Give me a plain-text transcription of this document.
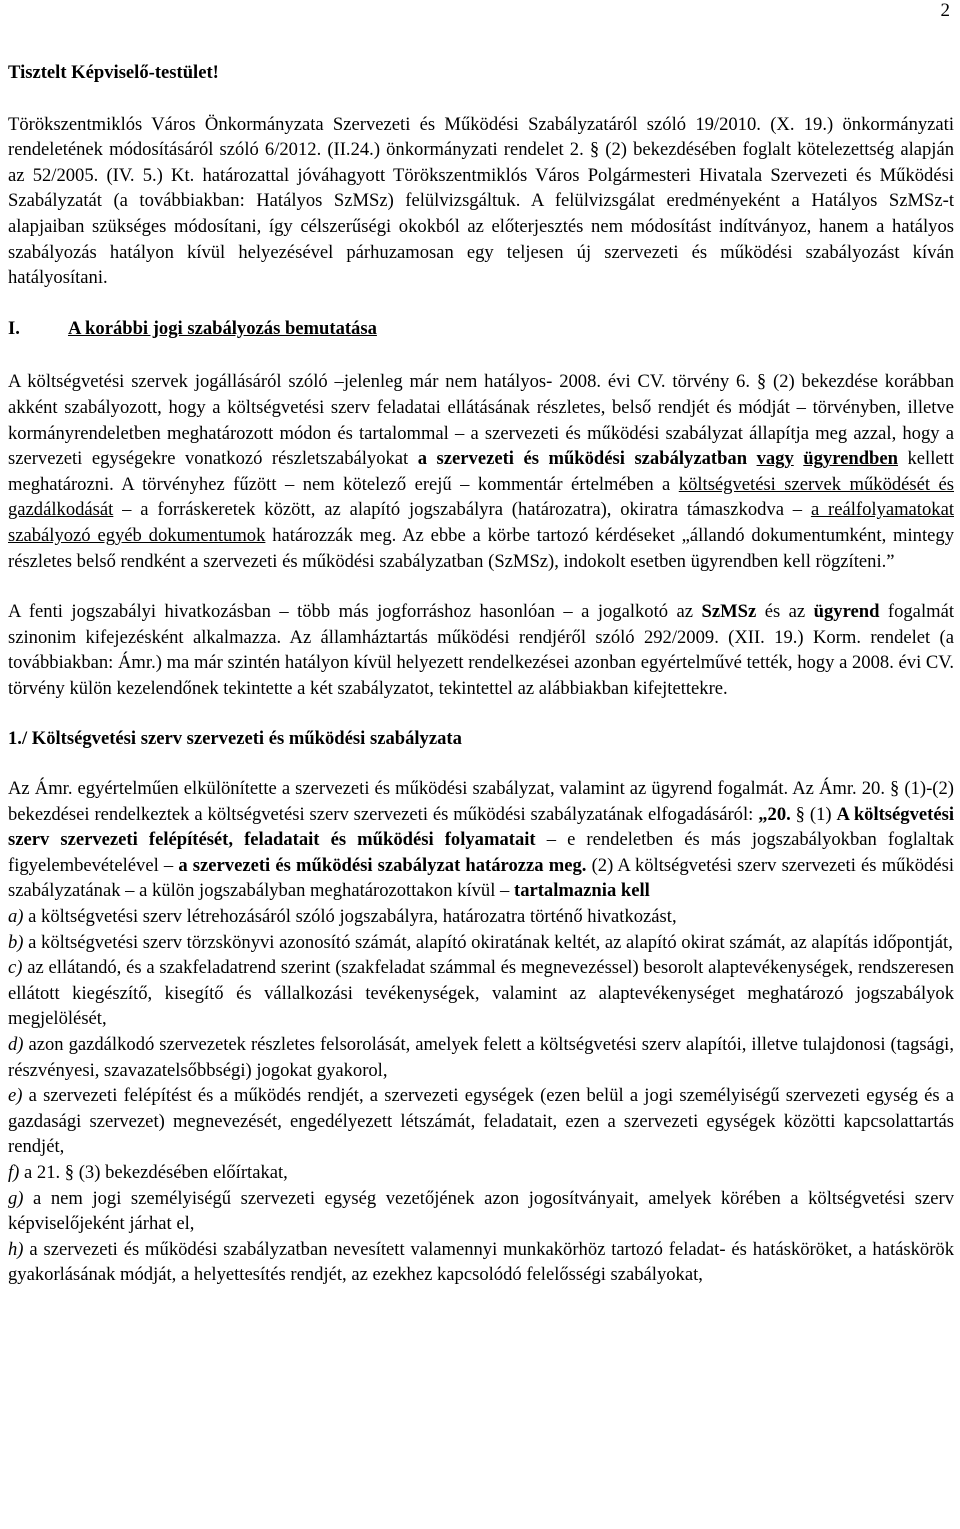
2

Tisztelt Képviselő-testület!

Törökszentmiklós Város Önkormányzata Szervezeti és Működési Szabályzatáról szóló 19/2010. (X. 19.) önkormányzati rendeletének módosításáról szóló 6/2012. (II.24.) önkormányzati rendelet 2. § (2) bekezdésében foglalt kötelezettség alapján az 52/2005. (IV. 5.) Kt. határozattal jóváhagyott Törökszentmiklós Város Polgármesteri Hivatala Szervezeti és Működési Szabályzatát (a továbbiakban: Hatályos SzMSz) felülvizsgáltuk. A felülvizsgálat eredményeként a Hatályos SzMSz-t alapjaiban szükséges módosítani, így célszerűségi okokból az előterjesztés nem módosítást indítványoz, hanem a hatályos szabályozás hatályon kívül helyezésével párhuzamosan egy teljesen új szervezeti és működési szabályozást kíván hatályosítani.

I.	A korábbi jogi szabályozás bemutatása

A költségvetési szervek jogállásáról szóló –jelenleg már nem hatályos- 2008. évi CV. törvény 6. § (2) bekezdése korábban akként szabályozott, hogy a költségvetési szerv feladatai ellátásának részletes, belső rendjét és módját – törvényben, illetve kormányrendeletben meghatározott módon és tartalommal – a szervezeti és működési szabályzat állapítja meg azzal, hogy a szervezeti egységekre vonatkozó részletszabályokat a szervezeti és működési szabályzatban vagy ügyrendben kellett meghatározni. A törvényhez fűzött – nem kötelező erejű – kommentár értelmében a költségvetési szervek működését és gazdálkodását – a forráskeretek között, az alapító jogszabályra (határozatra), okiratra támaszkodva – a reálfolyamatokat szabályozó egyéb dokumentumok határozzák meg. Az ebbe a körbe tartozó kérdéseket „állandó dokumentumként, mintegy részletes belső rendként a szervezeti és működési szabályzatban (SzMSz), indokolt esetben ügyrendben kell rögzíteni.”

A fenti jogszabályi hivatkozásban – több más jogforráshoz hasonlóan – a jogalkotó az SzMSz és az ügyrend fogalmát szinonim kifejezésként alkalmazza. Az államháztartás működési rendjéről szóló 292/2009. (XII. 19.) Korm. rendelet (a továbbiakban: Ámr.) ma már szintén hatályon kívül helyezett rendelkezései azonban egyértelművé tették, hogy a 2008. évi CV. törvény külön kezelendőnek tekintette a két szabályzatot, tekintettel az alábbiakban kifejtettekre.

1./ Költségvetési szerv szervezeti és működési szabályzata

Az Ámr. egyértelműen elkülönítette a szervezeti és működési szabályzat, valamint az ügyrend fogalmát. Az Ámr. 20. § (1)-(2) bekezdései rendelkeztek a költségvetési szerv szervezeti és működési szabályzatának elfogadásáról: „20. § (1) A költségvetési szerv szervezeti felépítését, feladatait és működési folyamatait – e rendeletben és más jogszabályokban foglaltak figyelembevételével – a szervezeti és működési szabályzat határozza meg. (2) A költségvetési szerv szervezeti és működési szabályzatának – a külön jogszabályban meghatározottakon kívül – tartalmaznia kell

a) a költségvetési szerv létrehozásáról szóló jogszabályra, határozatra történő hivatkozást,

b) a költségvetési szerv törzskönyvi azonosító számát, alapító okiratának keltét, az alapító okirat számát, az alapítás időpontját,

c) az ellátandó, és a szakfeladatrend szerint (szakfeladat számmal és megnevezéssel) besorolt alaptevékenységek, rendszeresen ellátott kiegészítő, kisegítő és vállalkozási tevékenységek, valamint az alaptevékenységet meghatározó jogszabályok megjelölését,

d) azon gazdálkodó szervezetek részletes felsorolását, amelyek felett a költségvetési szerv alapítói, illetve tulajdonosi (tagsági, részvényesi, szavazatelsőbbségi) jogokat gyakorol,

e) a szervezeti felépítést és a működés rendjét, a szervezeti egységek (ezen belül a jogi személyiségű szervezeti egység és a gazdasági szervezet) megnevezését, engedélyezett létszámát, feladatait, ezen a szervezeti egységek közötti kapcsolattartás rendjét,

f) a 21. § (3) bekezdésében előírtakat,

g) a nem jogi személyiségű szervezeti egység vezetőjének azon jogosítványait, amelyek körében a költségvetési szerv képviselőjeként járhat el,

h) a szervezeti és működési szabályzatban nevesített valamennyi munkakörhöz tartozó feladat- és hatásköröket, a hatáskörök gyakorlásának módját, a helyettesítés rendjét, az ezekhez kapcsolódó felelősségi szabályokat,
